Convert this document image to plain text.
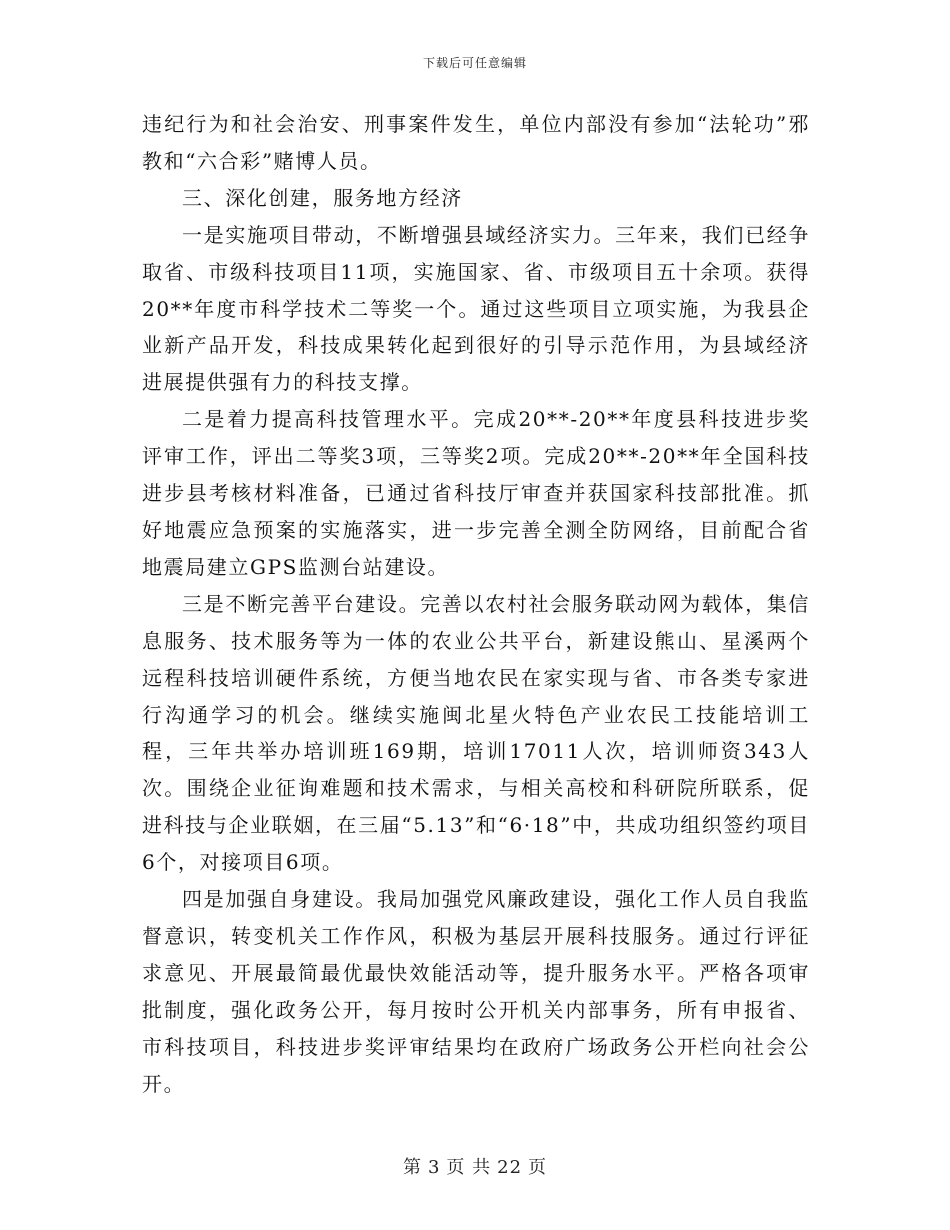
下载后可任意编辑

违纪行为和社会治安、刑事案件发生，单位内部没有参加“法轮功”邪教和“六合彩”赌博人员。

三、深化创建，服务地方经济

一是实施项目带动，不断增强县域经济实力。三年来，我们已经争取省、市级科技项目11项，实施国家、省、市级项目五十余项。获得20**年度市科学技术二等奖一个。通过这些项目立项实施，为我县企业新产品开发，科技成果转化起到很好的引导示范作用，为县域经济进展提供强有力的科技支撑。

二是着力提高科技管理水平。完成20**-20**年度县科技进步奖评审工作，评出二等奖3项，三等奖2项。完成20**-20**年全国科技进步县考核材料准备，已通过省科技厅审查并获国家科技部批准。抓好地震应急预案的实施落实，进一步完善全测全防网络，目前配合省地震局建立GPS监测台站建设。

三是不断完善平台建设。完善以农村社会服务联动网为载体，集信息服务、技术服务等为一体的农业公共平台，新建设熊山、星溪两个远程科技培训硬件系统，方便当地农民在家实现与省、市各类专家进行沟通学习的机会。继续实施闽北星火特色产业农民工技能培训工程，三年共举办培训班169期，培训17011人次，培训师资343人次。围绕企业征询难题和技术需求，与相关高校和科研院所联系，促进科技与企业联姻，在三届“5.13”和“6·18”中，共成功组织签约项目6个，对接项目6项。

四是加强自身建设。我局加强党风廉政建设，强化工作人员自我监督意识，转变机关工作作风，积极为基层开展科技服务。通过行评征求意见、开展最简最优最快效能活动等，提升服务水平。严格各项审批制度，强化政务公开，每月按时公开机关内部事务，所有申报省、市科技项目，科技进步奖评审结果均在政府广场政务公开栏向社会公开。

第 3 页 共 22 页
